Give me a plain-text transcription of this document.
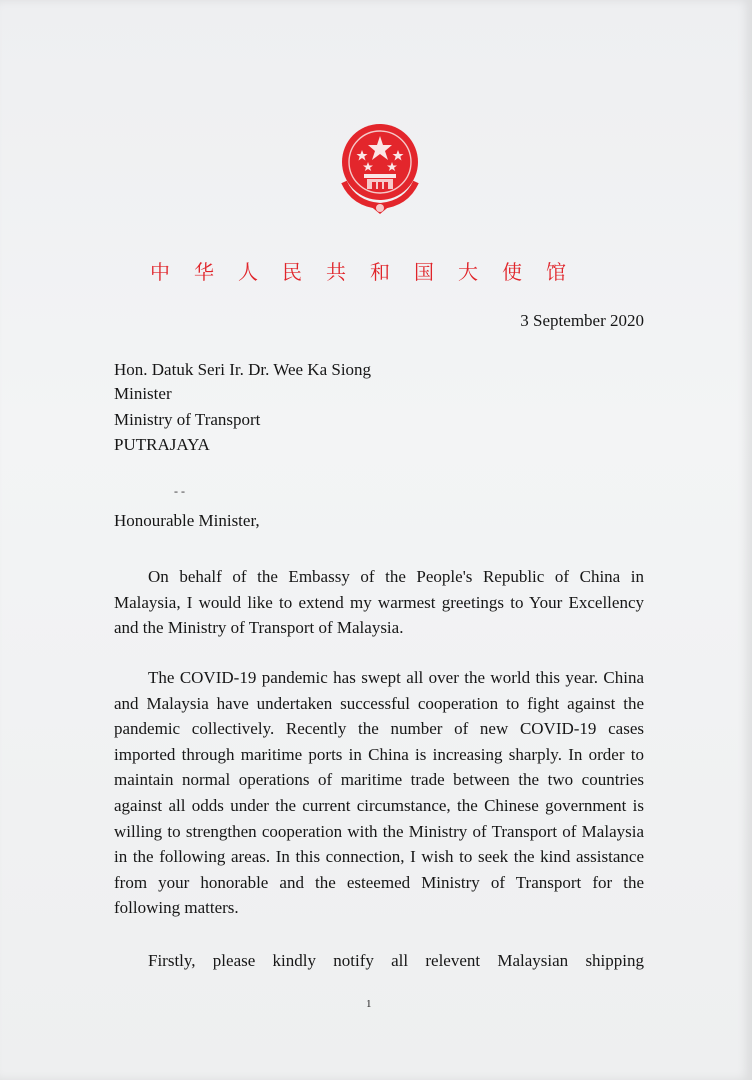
中华人民共和国大使馆
3 September 2020
Hon. Datuk Seri Ir. Dr. Wee Ka Siong
Minister
Ministry of Transport
PUTRAJAYA
- -
Honourable Minister,

On behalf of the Embassy of the People's Republic of China in Malaysia, I would like to extend my warmest greetings to Your Excellency and the Ministry of Transport of Malaysia.

The COVID-19 pandemic has swept all over the world this year. China and Malaysia have undertaken successful cooperation to fight against the pandemic collectively. Recently the number of new COVID-19 cases imported through maritime ports in China is increasing sharply. In order to maintain normal operations of maritime trade between the two countries against all odds under the current circumstance, the Chinese government is willing to strengthen cooperation with the Ministry of Transport of Malaysia in the following areas. In this connection, I wish to seek the kind assistance from your honorable and the esteemed Ministry of Transport for the following matters.

Firstly, please kindly notify all relevent Malaysian shipping

1
